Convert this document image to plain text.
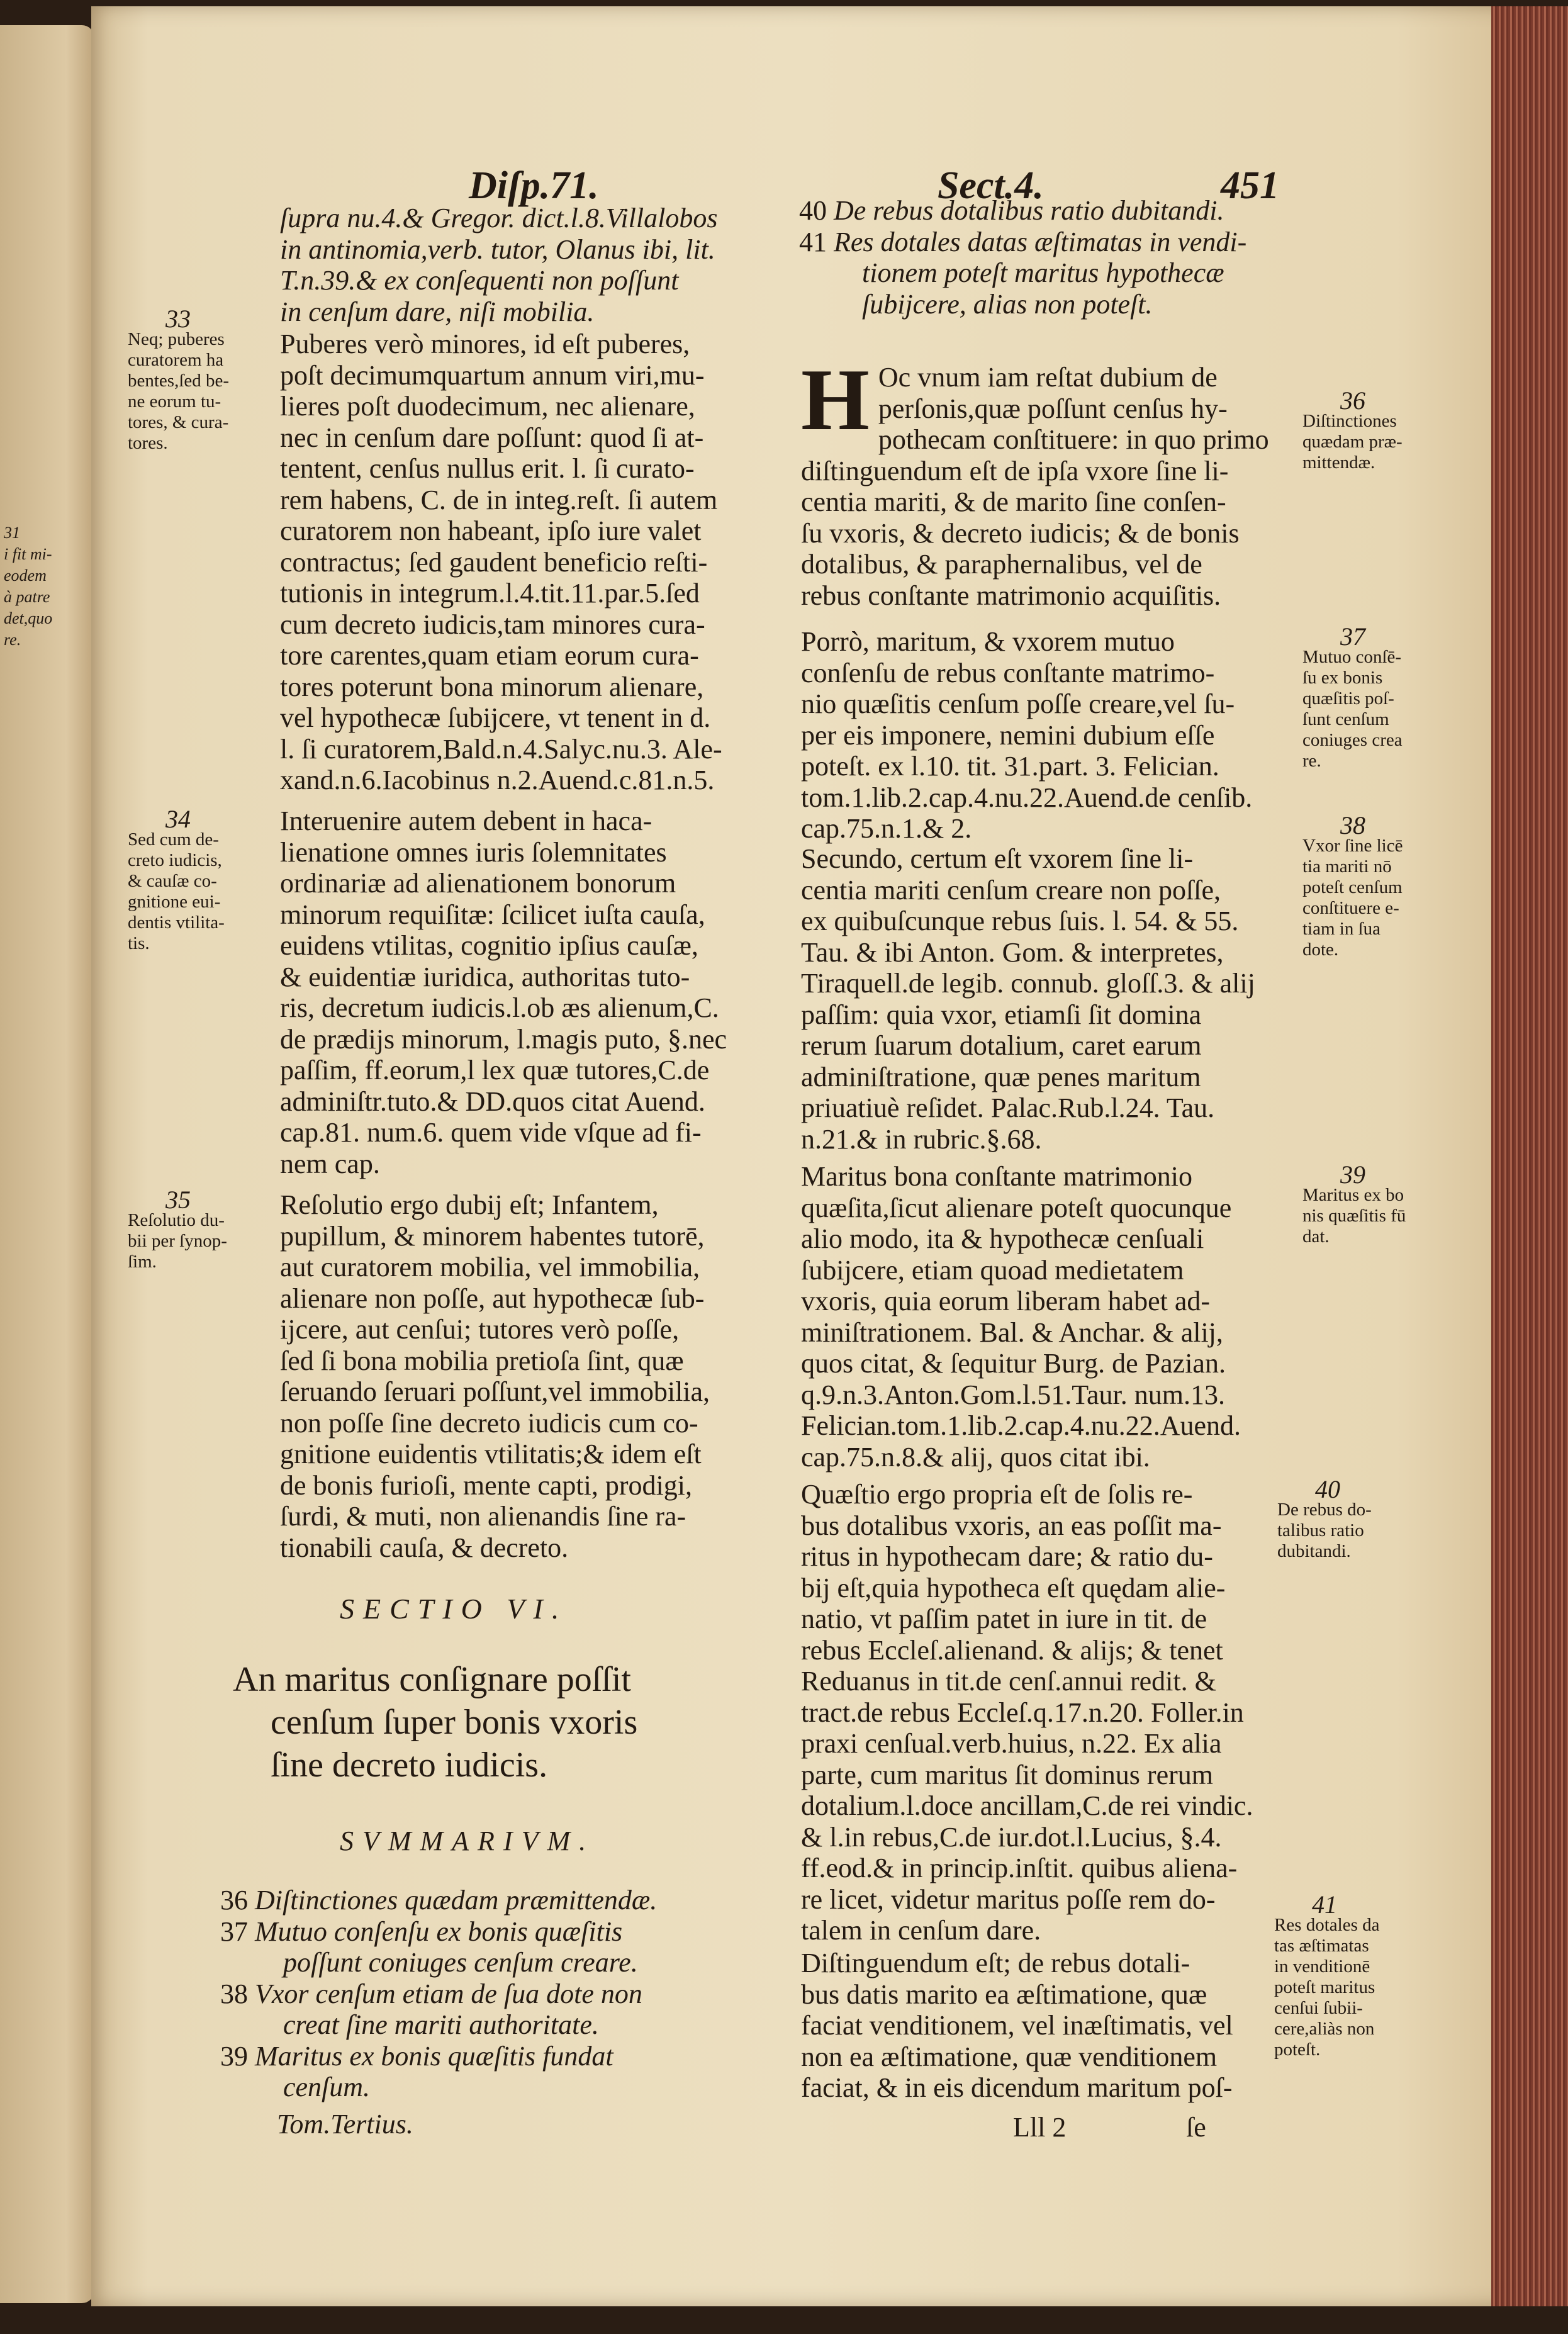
31
i fit mi-
eodem
à patre
det,quo
re.
Diſp.71.	Sect.4.	451
ſupra nu.4.& Gregor. dict.l.8.Villalobos
in antinomia,verb. tutor, Olanus ibi, lit.
T.n.39.& ex conſequenti non poſſunt
in cenſum dare, niſi mobilia.
Puberes verò minores, id eſt puberes,
poſt decimumquartum annum viri,mu-
lieres poſt duodecimum, nec alienare,
nec in cenſum dare poſſunt: quod ſi at-
tentent, cenſus nullus erit. l. ſi curato-
rem habens, C. de in integ.reſt. ſi autem
curatorem non habeant, ipſo iure valet
contractus; ſed gaudent beneficio reſti-
tutionis in integrum.l.4.tit.11.par.5.ſed
cum decreto iudicis,tam minores cura-
tore carentes,quam etiam eorum cura-
tores poterunt bona minorum alienare,
vel hypothecæ ſubijcere, vt tenent in d.
l. ſi curatorem,Bald.n.4.Salyc.nu.3. Ale-
xand.n.6.Iacobinus n.2.Auend.c.81.n.5.
Interuenire autem debent in haca-
lienatione omnes iuris ſolemnitates
ordinariæ ad alienationem bonorum
minorum requiſitæ: ſcilicet iuſta cauſa,
euidens vtilitas, cognitio ipſius cauſæ,
& euidentiæ iuridica, authoritas tuto-
ris, decretum iudicis.l.ob æs alienum,C.
de prædijs minorum, l.magis puto, §.nec
paſſim, ff.eorum,l lex quæ tutores,C.de
adminiſtr.tuto.& DD.quos citat Auend.
cap.81. num.6. quem vide vſque ad fi-
nem cap.
Reſolutio ergo dubij eſt; Infantem,
pupillum, & minorem habentes tutorē,
aut curatorem mobilia, vel immobilia,
alienare non poſſe, aut hypothecæ ſub-
ijcere, aut cenſui; tutores verò poſſe,
ſed ſi bona mobilia pretioſa ſint, quæ
ſeruando ſeruari poſſunt,vel immobilia,
non poſſe ſine decreto iudicis cum co-
gnitione euidentis vtilitatis;& idem eſt
de bonis furioſi, mente capti, prodigi,
ſurdi, & muti, non alienandis ſine ra-
tionabili cauſa, & decreto.
SECTIO VI.
An maritus conſignare poſſit
cenſum ſuper bonis vxoris
ſine decreto iudicis.
SVMMARIVM.
36 Diſtinctiones quædam præmittendæ.
37 Mutuo conſenſu ex bonis quæſitis
poſſunt coniuges cenſum creare.
38 Vxor cenſum etiam de ſua dote non
creat ſine mariti authoritate.
39 Maritus ex bonis quæſitis fundat
cenſum.
Tom.Tertius.
33
Neq; puberes
curatorem ha
bentes,ſed be-
ne eorum tu-
tores, & cura-
tores.
34
Sed cum de-
creto iudicis,
& cauſæ co-
gnitione eui-
dentis vtilita-
tis.
35
Reſolutio du-
bii per ſynop-
ſim.
40 De rebus dotalibus ratio dubitandi.
41 Res dotales datas æſtimatas in vendi-
tionem poteſt maritus hypothecæ
ſubijcere, alias non poteſt.
H Oc vnum iam reſtat dubium de
perſonis,quæ poſſunt cenſus hy-
pothecam conſtituere: in quo primo
diſtinguendum eſt de ipſa vxore ſine li-
centia mariti, & de marito ſine conſen-
ſu vxoris, & decreto iudicis; & de bonis
dotalibus, & paraphernalibus, vel de
rebus conſtante matrimonio acquiſitis.
Porrò, maritum, & vxorem mutuo
conſenſu de rebus conſtante matrimo-
nio quæſitis cenſum poſſe creare,vel ſu-
per eis imponere, nemini dubium eſſe
poteſt. ex l.10. tit. 31.part. 3. Felician.
tom.1.lib.2.cap.4.nu.22.Auend.de cenſib.
cap.75.n.1.& 2.
Secundo, certum eſt vxorem ſine li-
centia mariti cenſum creare non poſſe,
ex quibuſcunque rebus ſuis. l. 54. & 55.
Tau. & ibi Anton. Gom. & interpretes,
Tiraquell.de legib. connub. gloſſ.3. & alij
paſſim: quia vxor, etiamſi ſit domina
rerum ſuarum dotalium, caret earum
adminiſtratione, quæ penes maritum
priuatiuè reſidet. Palac.Rub.l.24. Tau.
n.21.& in rubric.§.68.
Maritus bona conſtante matrimonio
quæſita,ſicut alienare poteſt quocunque
alio modo, ita & hypothecæ cenſuali
ſubijcere, etiam quoad medietatem
vxoris, quia eorum liberam habet ad-
miniſtrationem. Bal. & Anchar. & alij,
quos citat, & ſequitur Burg. de Pazian.
q.9.n.3.Anton.Gom.l.51.Taur. num.13.
Felician.tom.1.lib.2.cap.4.nu.22.Auend.
cap.75.n.8.& alij, quos citat ibi.
Quæſtio ergo propria eſt de ſolis re-
bus dotalibus vxoris, an eas poſſit ma-
ritus in hypothecam dare; & ratio du-
bij eſt,quia hypotheca eſt quędam alie-
natio, vt paſſim patet in iure in tit. de
rebus Eccleſ.alienand. & alijs; & tenet
Reduanus in tit.de cenſ.annui redit. &
tract.de rebus Eccleſ.q.17.n.20. Foller.in
praxi cenſual.verb.huius, n.22. Ex alia
parte, cum maritus ſit dominus rerum
dotalium.l.doce ancillam,C.de rei vindic.
& l.in rebus,C.de iur.dot.l.Lucius, §.4.
ff.eod.& in princip.inſtit. quibus aliena-
re licet, videtur maritus poſſe rem do-
talem in cenſum dare.
Diſtinguendum eſt; de rebus dotali-
bus datis marito ea æſtimatione, quæ
faciat venditionem, vel inæſtimatis, vel
non ea æſtimatione, quæ venditionem
faciat, & in eis dicendum maritum poſ-
Lll 2	ſe
36
Diſtinctiones
quædam præ-
mittendæ.
37
Mutuo conſē-
ſu ex bonis
quæſitis poſ-
ſunt cenſum
coniuges crea
re.
38
Vxor ſine licē
tia mariti nō
poteſt cenſum
conſtituere e-
tiam in ſua
dote.
39
Maritus ex bo
nis quæſitis fū
dat.
40
De rebus do-
talibus ratio
dubitandi.
41
Res dotales da
tas æſtimatas
in venditionē
poteſt maritus
cenſui ſubii-
cere,aliàs non
poteſt.
